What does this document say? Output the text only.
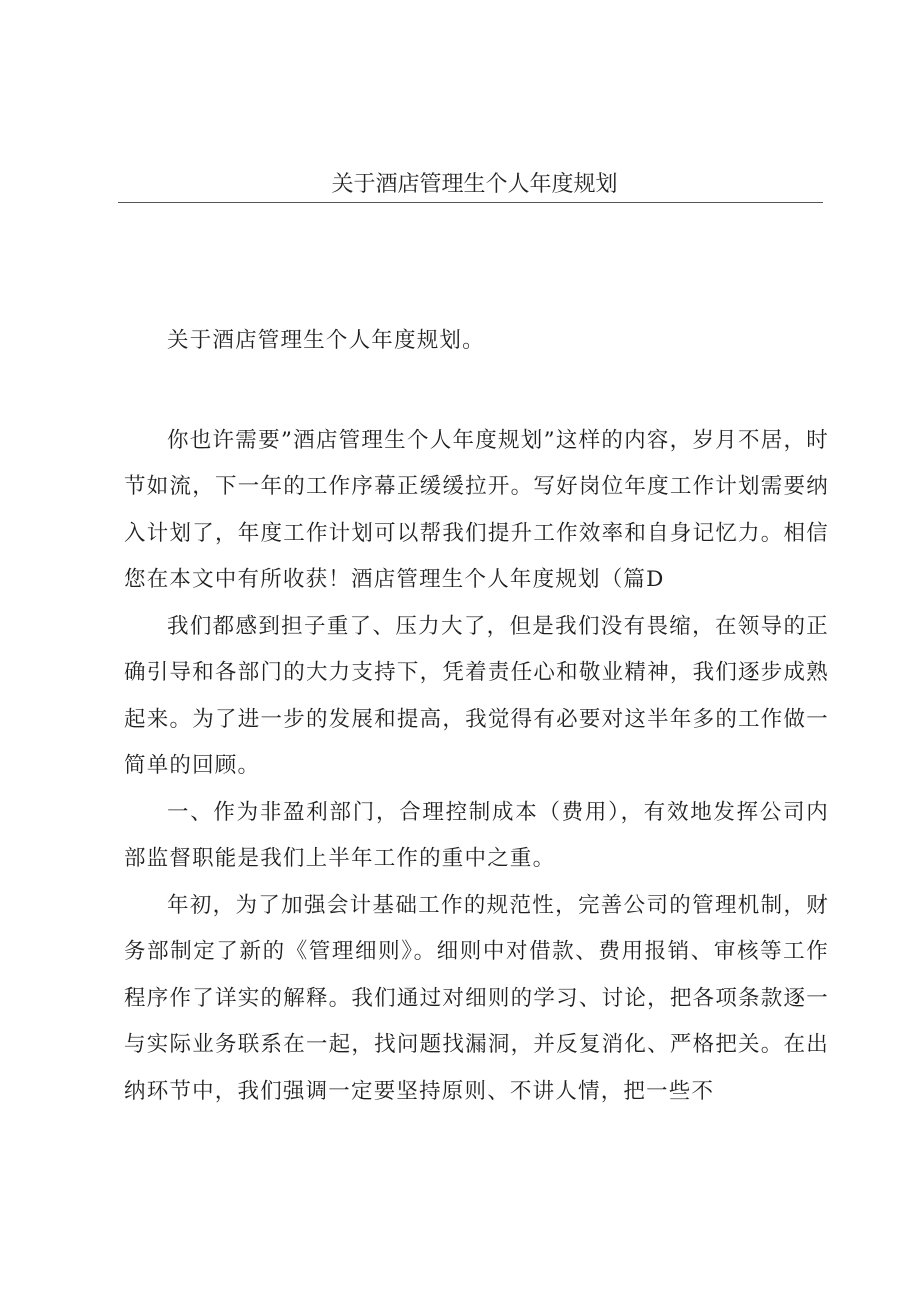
关于酒店管理生个人年度规划

关于酒店管理生个人年度规划。

你也许需要”酒店管理生个人年度规划”这样的内容，岁月不居，时节如流，下一年的工作序幕正缓缓拉开。写好岗位年度工作计划需要纳入计划了，年度工作计划可以帮我们提升工作效率和自身记忆力。相信您在本文中有所收获！酒店管理生个人年度规划（篇D

我们都感到担子重了、压力大了，但是我们没有畏缩，在领导的正确引导和各部门的大力支持下，凭着责任心和敬业精神，我们逐步成熟起来。为了进一步的发展和提高，我觉得有必要对这半年多的工作做一简单的回顾。

一、作为非盈利部门，合理控制成本（费用），有效地发挥公司内部监督职能是我们上半年工作的重中之重。

年初，为了加强会计基础工作的规范性，完善公司的管理机制，财务部制定了新的《管理细则》。细则中对借款、费用报销、审核等工作程序作了详实的解释。我们通过对细则的学习、讨论，把各项条款逐一与实际业务联系在一起，找问题找漏洞，并反复消化、严格把关。在出纳环节中，我们强调一定要坚持原则、不讲人情，把一些不
